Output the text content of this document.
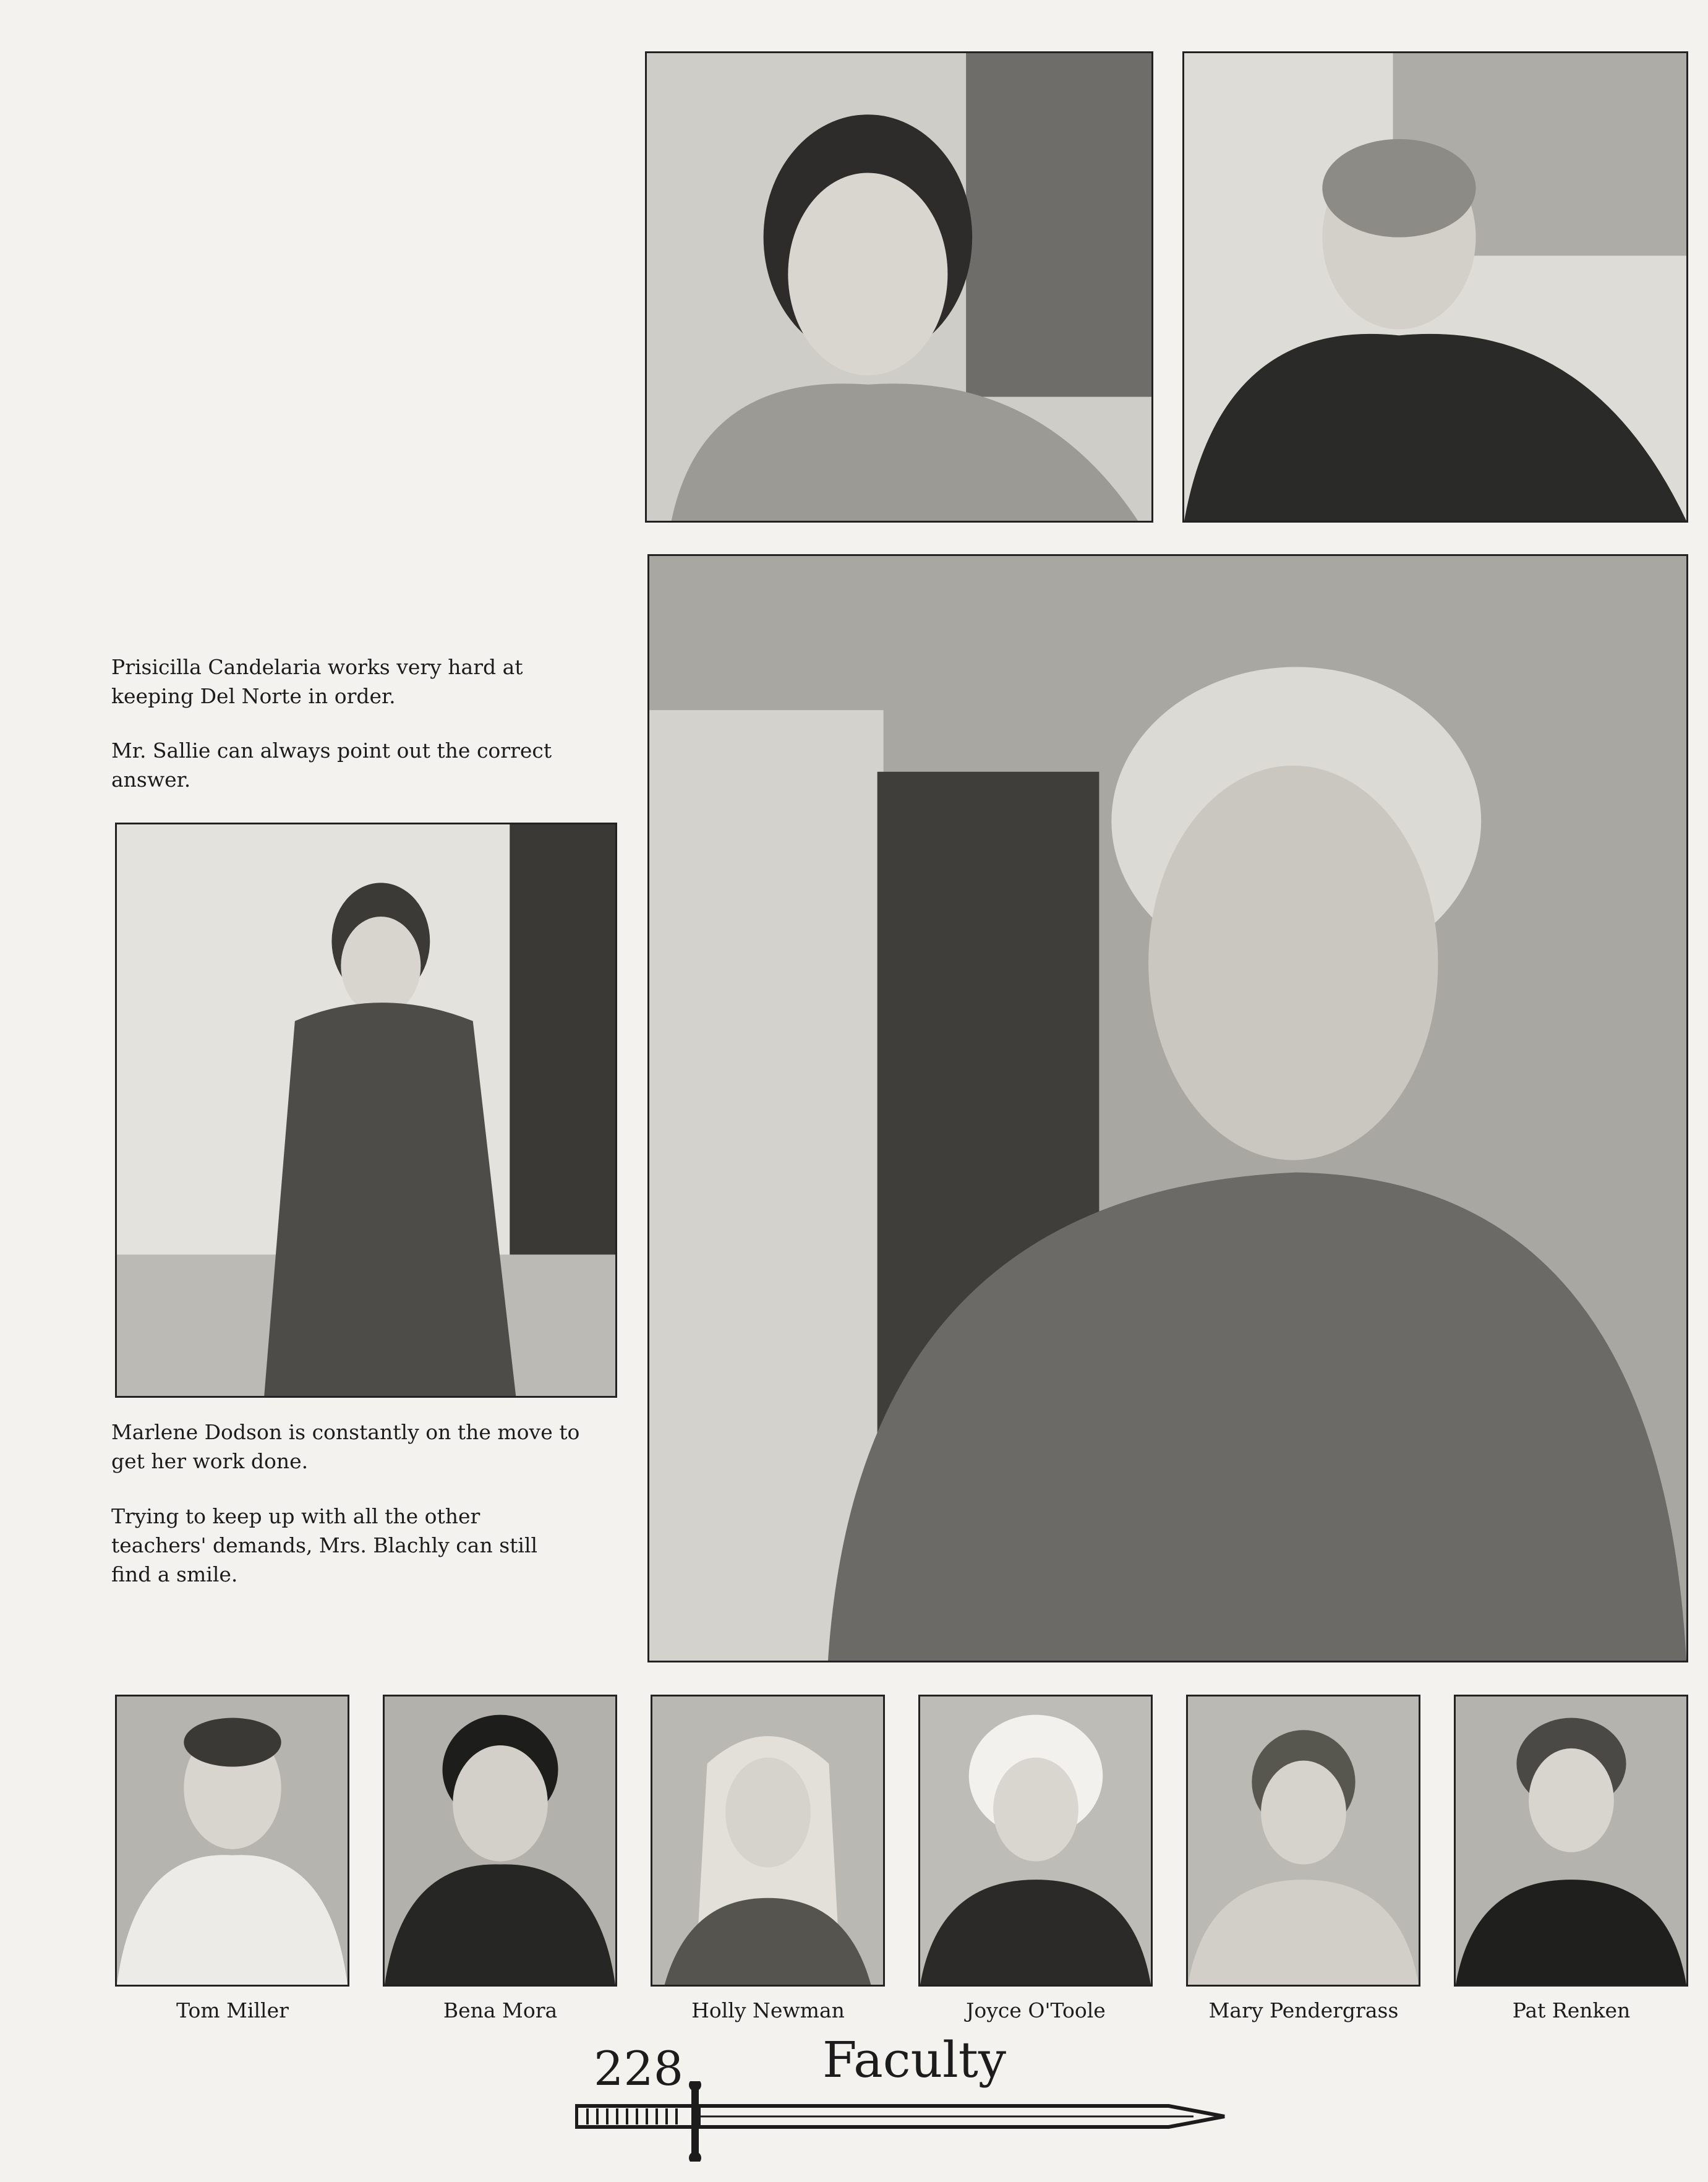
Prisicilla Candelaria works very hard at keeping Del Norte in order.

Mr. Sallie can always point out the correct answer.

Marlene Dodson is constantly on the move to get her work done.

Trying to keep up with all the other teachers' demands, Mrs. Blachly can still find a smile.

Tom Miller	Bena Mora	Holly Newman	Joyce O'Toole	Mary Pendergrass	Pat Renken
228	Faculty
